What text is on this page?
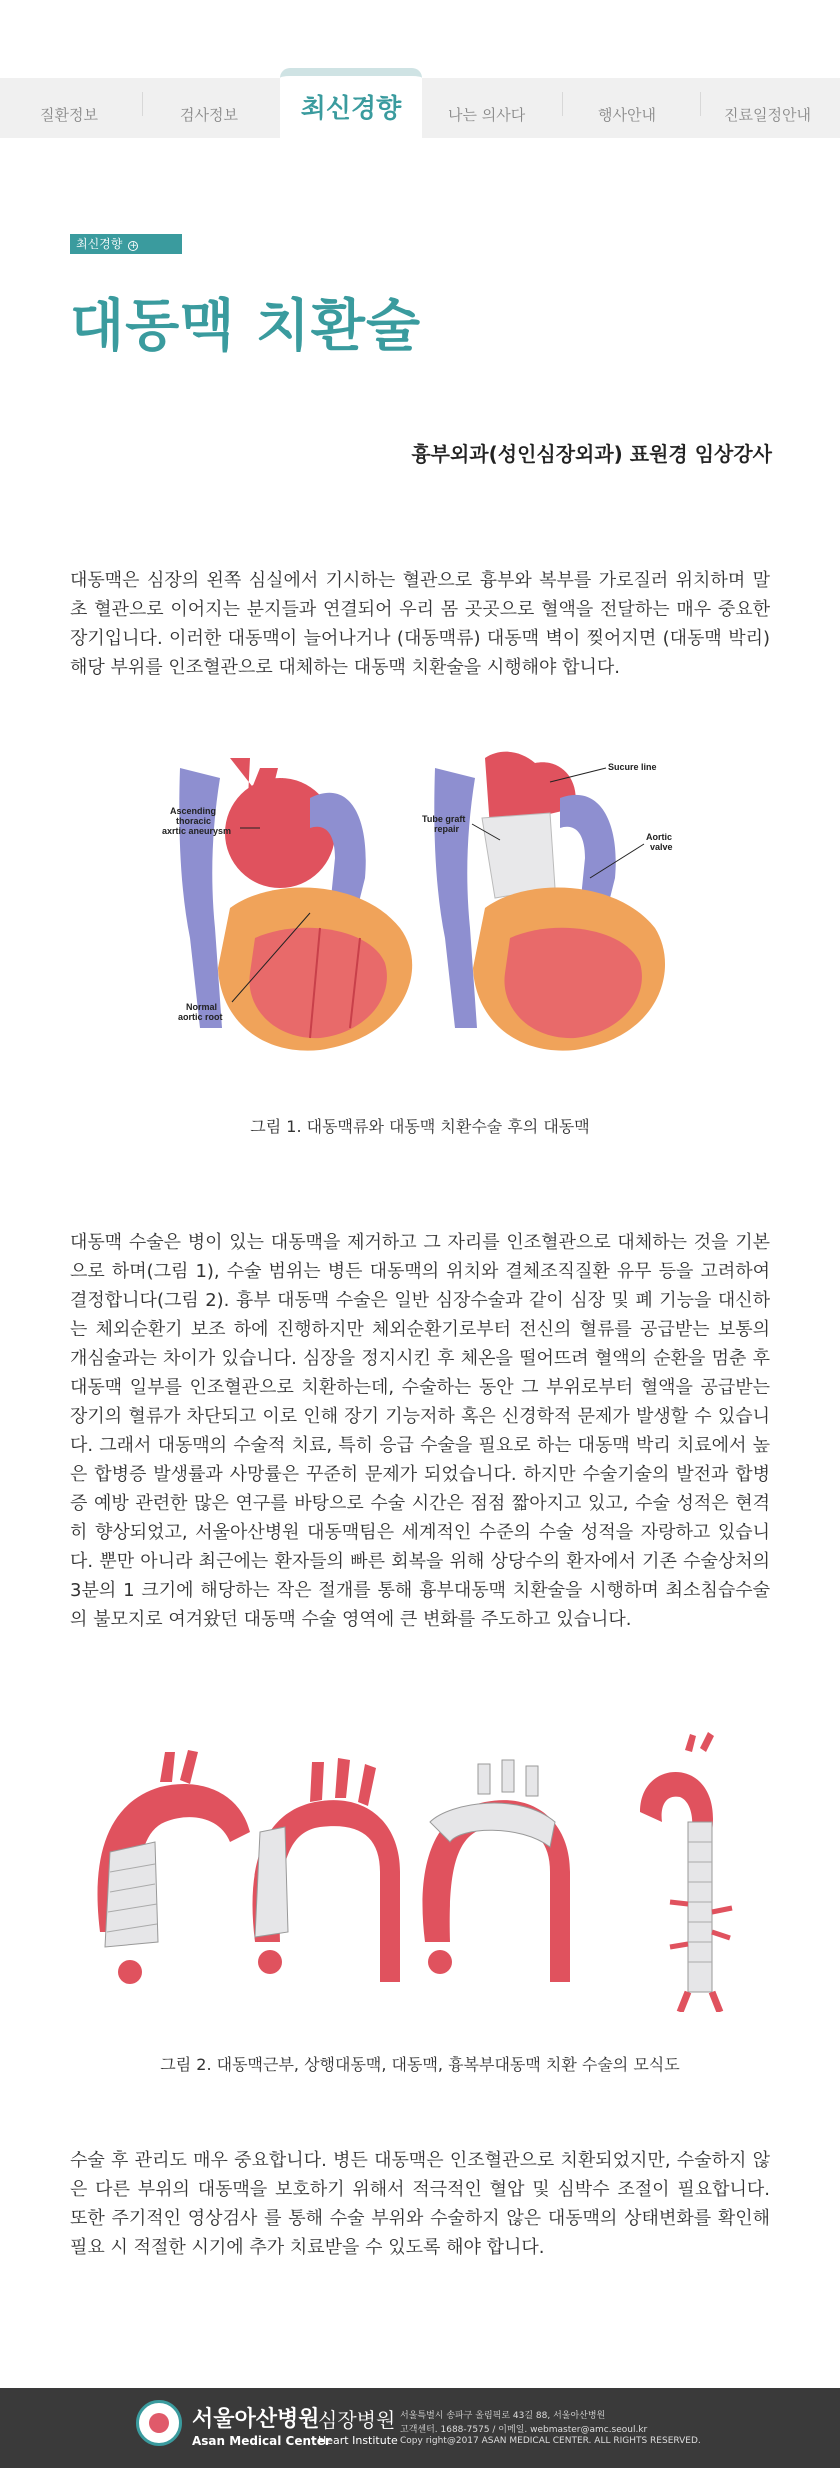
질환정보	검사정보 최신경향	나는 의사다	행사안내	진료일정안내
최신경향 +
대동맥 치환술
흉부외과(성인심장외과) 표원경 임상강사

대동맥은 심장의 왼쪽 심실에서 기시하는 혈관으로 흉부와 복부를 가로질러 위치하며 말초 혈관으로 이어지는 분지들과 연결되어 우리 몸 곳곳으로 혈액을 전달하는 매우 중요한 장기입니다. 이러한 대동맥이 늘어나거나 (대동맥류) 대동맥 벽이 찢어지면 (대동맥 박리) 해당 부위를 인조혈관으로 대체하는 대동맥 치환술을 시행해야 합니다.

Ascending
thoracic
axrtic aneurysm
Normal
aortic root
Sucure line
Tube graft
repair
Aortic
valve
그림 1. 대동맥류와 대동맥 치환수술 후의 대동맥

대동맥 수술은 병이 있는 대동맥을 제거하고 그 자리를 인조혈관으로 대체하는 것을 기본으로 하며(그림 1), 수술 범위는 병든 대동맥의 위치와 결체조직질환 유무 등을 고려하여 결정합니다(그림 2). 흉부 대동맥 수술은 일반 심장수술과 같이 심장 및 폐 기능을 대신하는 체외순환기 보조 하에 진행하지만 체외순환기로부터 전신의 혈류를 공급받는 보통의 개심술과는 차이가 있습니다. 심장을 정지시킨 후 체온을 떨어뜨려 혈액의 순환을 멈춘 후 대동맥 일부를 인조혈관으로 치환하는데, 수술하는 동안 그 부위로부터 혈액을 공급받는 장기의 혈류가 차단되고 이로 인해 장기 기능저하 혹은 신경학적 문제가 발생할 수 있습니다. 그래서 대동맥의 수술적 치료, 특히 응급 수술을 필요로 하는 대동맥 박리 치료에서 높은 합병증 발생률과 사망률은 꾸준히 문제가 되었습니다. 하지만 수술기술의 발전과 합병증 예방 관련한 많은 연구를 바탕으로 수술 시간은 점점 짧아지고 있고, 수술 성적은 현격히 향상되었고, 서울아산병원 대동맥팀은 세계적인 수준의 수술 성적을 자랑하고 있습니다. 뿐만 아니라 최근에는 환자들의 빠른 회복을 위해 상당수의 환자에서 기존 수술상처의 3분의 1 크기에 해당하는 작은 절개를 통해 흉부대동맥 치환술을 시행하며 최소침습수술의 불모지로 여겨왔던 대동맥 수술 영역에 큰 변화를 주도하고 있습니다.

그림 2. 대동맥근부, 상행대동맥, 대동맥, 흉복부대동맥 치환 수술의 모식도

수술 후 관리도 매우 중요합니다. 병든 대동맥은 인조혈관으로 치환되었지만, 수술하지 않은 다른 부위의 대동맥을 보호하기 위해서 적극적인 혈압 및 심박수 조절이 필요합니다. 또한 주기적인 영상검사 를 통해 수술 부위와 수술하지 않은 대동맥의 상태변화를 확인해 필요 시 적절한 시기에 추가 치료받을 수 있도록 해야 합니다.

서울아산병원
Asan Medical Center
심장병원
Heart Institute
서울특별시 송파구 올림픽로 43길 88, 서울아산병원
고객센터. 1688-7575 / 이메일. webmaster@amc.seoul.kr
Copy right@2017 ASAN MEDICAL CENTER. ALL RIGHTS RESERVED.
